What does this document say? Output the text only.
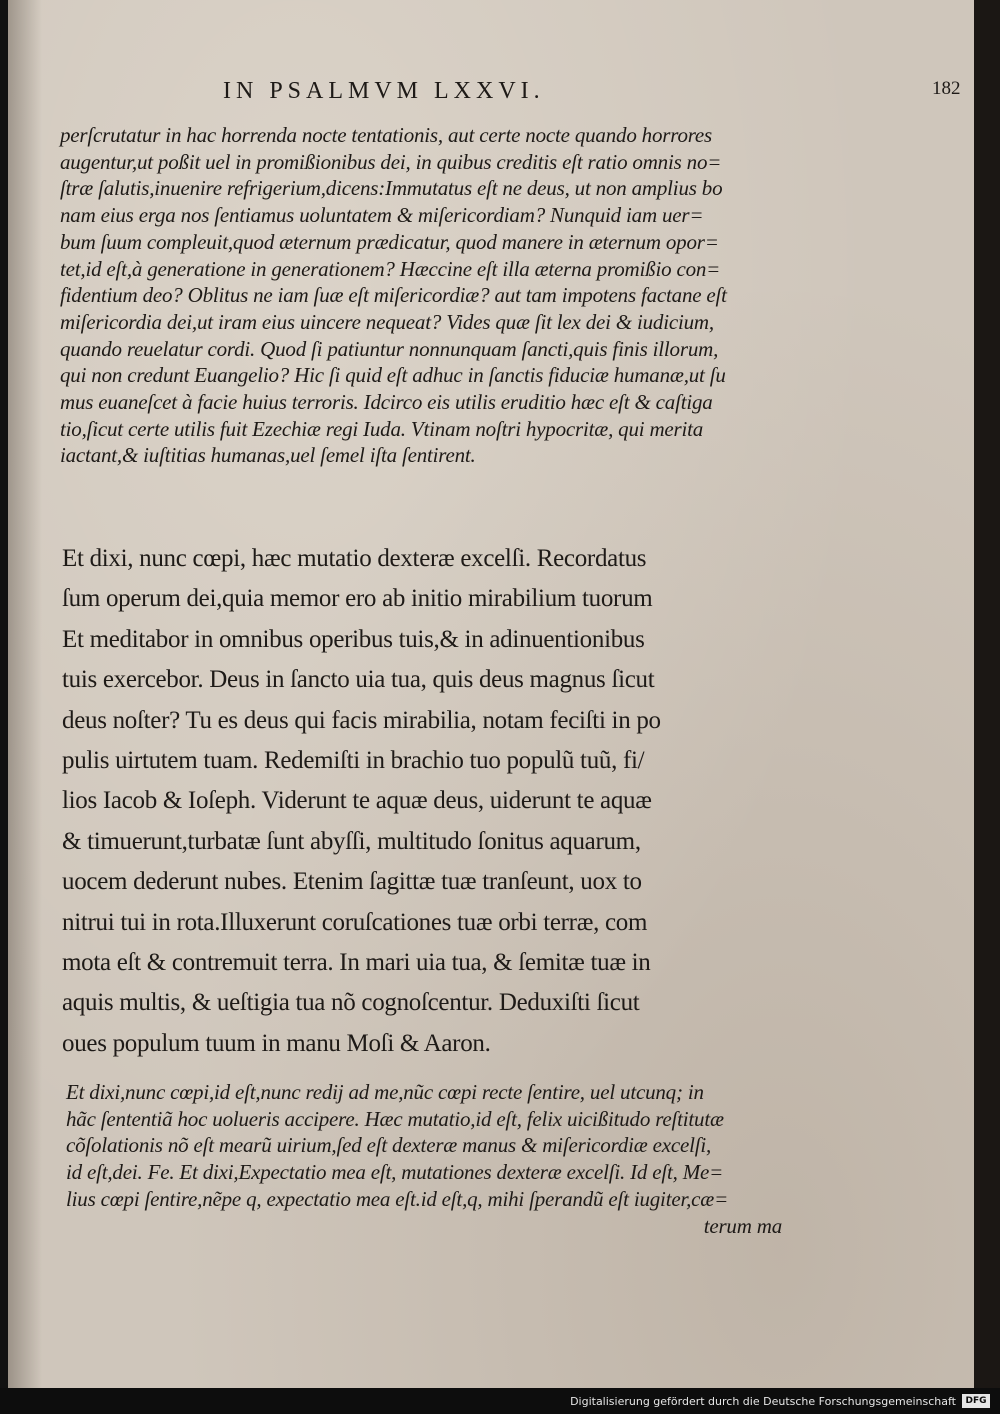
IN PSALMVM LXXVI.	182
perſcrutatur in hac horrenda nocte tentationis, aut certe nocte quando horrores
augentur,ut poßit uel in promißionibus dei, in quibus creditis eſt ratio omnis no=
ſtræ ſalutis,inuenire refrigerium,dicens:Immutatus eſt ne deus, ut non amplius bo
nam eius erga nos ſentiamus uoluntatem & miſericordiam? Nunquid iam uer=
bum ſuum compleuit,quod æternum prædicatur, quod manere in æternum opor=
tet,id eſt,à generatione in generationem? Hæccine eſt illa æterna promißio con=
fidentium deo? Oblitus ne iam ſuæ eſt miſericordiæ? aut tam impotens factane eſt
miſericordia dei,ut iram eius uincere nequeat? Vides quæ ſit lex dei & iudicium,
quando reuelatur cordi. Quod ſi patiuntur nonnunquam ſancti,quis finis illorum,
qui non credunt Euangelio? Hic ſi quid eſt adhuc in ſanctis fiduciæ humanæ,ut ſu
mus euaneſcet à facie huius terroris. Idcirco eis utilis eruditio hæc eſt & caſtiga
tio,ſicut certe utilis fuit Ezechiæ regi Iuda. Vtinam noſtri hypocritæ, qui merita
iactant,& iuſtitias humanas,uel ſemel iſta ſentirent.
Et dixi, nunc cœpi, hæc mutatio dexteræ excelſi. Recordatus
ſum operum dei,quia memor ero ab initio mirabilium tuorum
Et meditabor in omnibus operibus tuis,& in adinuentionibus
tuis exercebor. Deus in ſancto uia tua, quis deus magnus ſicut
deus noſter? Tu es deus qui facis mirabilia, notam feciſti in po
pulis uirtutem tuam. Redemiſti in brachio tuo populũ tuũ, fi/
lios Iacob & Ioſeph. Viderunt te aquæ deus, uiderunt te aquæ
& timuerunt,turbatæ ſunt abyſſi, multitudo ſonitus aquarum,
uocem dederunt nubes. Etenim ſagittæ tuæ tranſeunt, uox to
nitrui tui in rota.Illuxerunt coruſcationes tuæ orbi terræ, com
mota eſt & contremuit terra. In mari uia tua, & ſemitæ tuæ in
aquis multis, & ueſtigia tua nõ cognoſcentur. Deduxiſti ſicut
oues populum tuum in manu Moſi & Aaron.
Et dixi,nunc cœpi,id eſt,nunc redij ad me,nũc cœpi recte ſentire, uel utcunq; in
hãc ſententiã hoc uolueris accipere. Hæc mutatio,id eſt, felix uicißitudo reſtitutæ
cõſolationis nõ eſt mearũ uirium,ſed eſt dexteræ manus & miſericordiæ excelſi,
id eſt,dei. Fe. Et dixi,Expectatio mea eſt, mutationes dexteræ excelſi. Id eſt, Me=
lius cœpi ſentire,nẽpe q, expectatio mea eſt.id eſt,q, mihi ſperandũ eſt iugiter,cæ=
terum ma
Digitalisierung gefördert durch die Deutsche Forschungsgemeinschaft	DFG
